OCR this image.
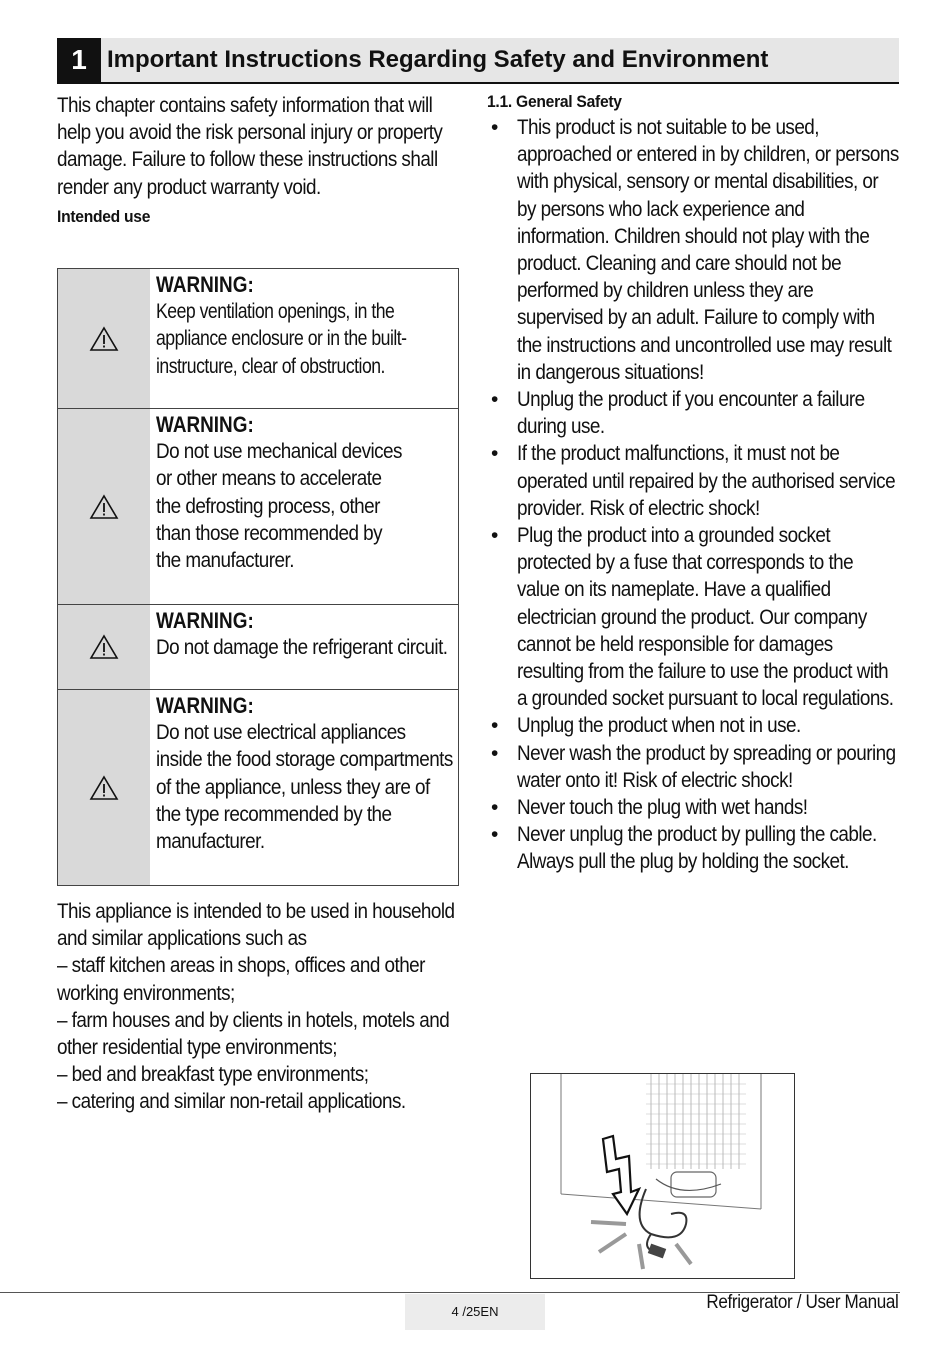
1 Important Instructions Regarding Safety and Environment
This chapter contains safety information that will help you avoid the risk personal injury or property damage. Failure to follow these instructions shall render any product warranty void.
Intended use
WARNING:
Keep ventilation openings, in the appliance enclosure or in the built-instructure, clear of obstruction.
WARNING:
Do not use mechanical devices or other means to accelerate the defrosting process, other than those recommended by the manufacturer.
WARNING:
Do not damage the refrigerant circuit.
WARNING:
Do not use electrical appliances inside the food storage compartments of the appliance, unless they are of the type recommended by the manufacturer.
This appliance is intended to be used in household and similar applications such as
– staff kitchen areas in shops, offices and other working environments;
– farm houses and by clients in hotels, motels and other residential type environments;
– bed and breakfast type environments;
– catering and similar non-retail applications.
1.1. General Safety
• This product is not suitable to be used, approached or entered in by children, or persons with physical, sensory or mental disabilities, or by persons who lack experience and information. Children should not play with the product. Cleaning and care should not be performed by children unless they are supervised by an adult. Failure to comply with the instructions and uncontrolled use may result in dangerous situations!
• Unplug the product if you encounter a failure during use.
• If the product malfunctions, it must not be operated until repaired by the authorised service provider. Risk of electric shock!
• Plug the product into a grounded socket protected by a fuse that corresponds to the value on its nameplate. Have a qualified electrician ground the product. Our company cannot be held responsible for damages resulting from the failure to use the product with a grounded socket pursuant to local regulations.
• Unplug the product when not in use.
• Never wash the product by spreading or pouring water onto it! Risk of electric shock!
• Never touch the plug with wet hands!
• Never unplug the product by pulling the cable. Always pull the plug by holding the socket.
4 /25EN	Refrigerator / User Manual
